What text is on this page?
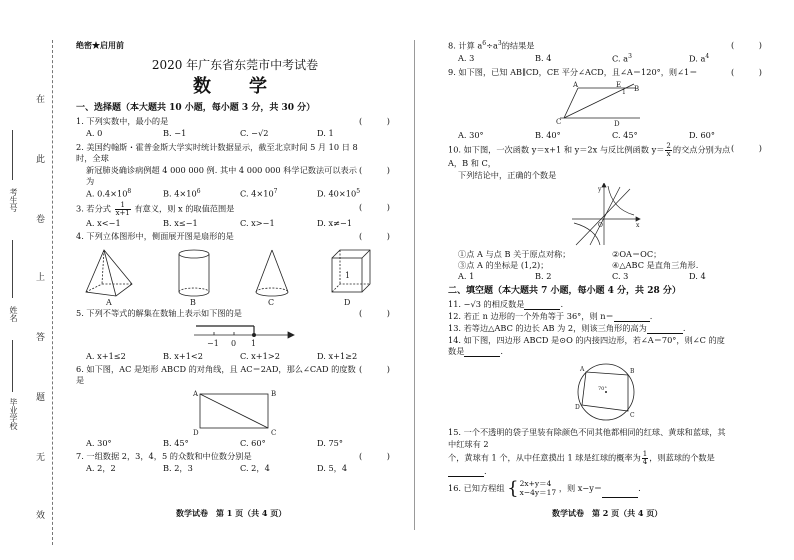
在
此
卷
上
答
题
无
效
考生号
姓名
毕业学校
绝密★启用前
2020 年广东省东莞市中考试卷
数　学
一、选择题（本大题共 10 小题，每小题 3 分，共 30 分）
1. 下列实数中，最小的是	(　　　)
A. 0	B. −1	C. −√2	D. 1
2. 美国约翰斯・霍普金斯大学实时统计数据显示，截至北京时间 5 月 10 日 8 时，全球
新冠肺炎确诊病例超 4 000 000 例. 其中 4 000 000 科学记数法可以表示为
(　　　)
A. $0.4\times 10^8$	B. $4\times 10^6$	C. $4\times 10^7$	D. $40\times 10^5$
3. 若分式 $\frac{1}{x+1}$ 有意义，则 x 的取值范围是	(　　　)
A. x<−1	B. x≤−1	C. x>−1	D. x≠−1
4. 下列立体图形中，侧面展开图是扇形的是	(　　　)
1
A	B	C	D
5. 下列不等式的解集在数轴上表示如下图的是	(　　　)
−1 0 1
A. x+1≤2	B. x+1<2	C. x+1>2	D. x+1≥2
6. 如下图，AC 是矩形 ABCD 的对角线，且 AC＝2AD，那么∠CAD 的度数是
(　　　)
A	B
D	C
A. 30°	B. 45°	C. 60°	D. 75°
7. 一组数据 2，3，4，5 的众数和中位数分别是	(　　　)
A. 2，2	B. 2，3	C. 2，4	D. 5，4
数学试卷　第 1 页（共 4 页）
8. 计算 $a^6\div a^3$的结果是	(　　　)
A. 3	B. 4	C. $a^3$	D. $a^4$
9. 如下图，已知 AB∥CD，CE 平分∠ACD，且∠A＝120°，则∠1＝	(　　　)
A	B
E
C	D
1
A. 30°	B. 40°	C. 45°	D. 60°
10. 如下图，一次函数 y＝x+1 和 y＝2x 与反比例函数 $y= \frac{2}{x}$ 的交点分别为点 A，B 和 C，
(　　　)
下列结论中，正确的个数是
y
x
O
①点 A 与点 B 关于原点对称；	②OA＝OC；
③点 A 的坐标是 (1,2)；	④△ABC 是直角三角形.
A. 1	B. 2	C. 3	D. 4
二、填空题（本大题共 7 小题，每小题 4 分，共 28 分）
11. −√3 的相反数是	.
12. 若正 n 边形的一个外角等于 36°，则 n＝	.
13. 若等边△ABC 的边长 AB 为 2，则该三角形的高为	.
14. 如下图，四边形 ABCD 是⊙O 的内接四边形，若∠A＝70°，则∠C 的度数是	.
A	B
C
D
70°
15. 一个不透明的袋子里装有除颜色不同其他都相同的红球、黄球和蓝球，其中红球有 2
个，黄球有 1 个，从中任意摸出 1 球是红球的概率为 $\frac{1}{4}$ ，则蓝球的个数是.
16. 已知方程组 { 2x+y＝4
x−4y＝17 ，则 x−y＝	.
数学试卷　第 2 页（共 4 页）
